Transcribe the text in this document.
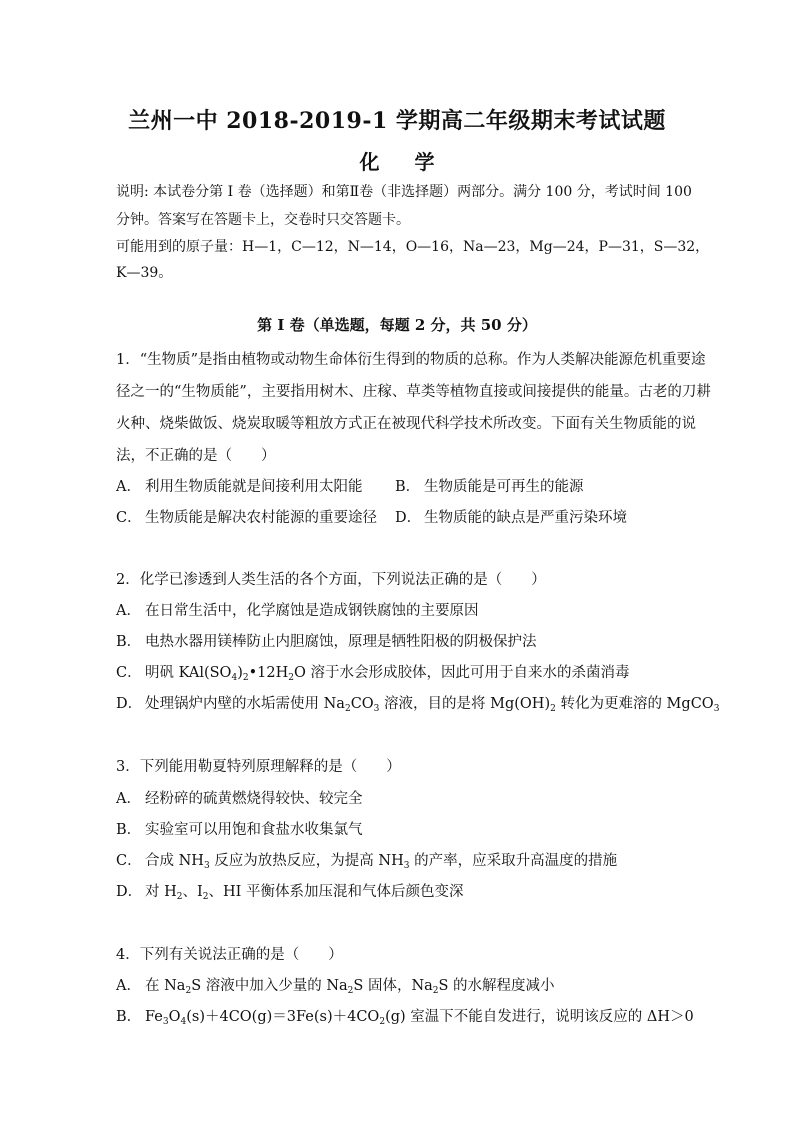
兰州一中 2018-2019-1 学期高二年级期末考试试题
化 学
说明: 本试卷分第 I 卷（选择题）和第Ⅱ卷（非选择题）两部分。满分 100 分，考试时间 100
分钟。答案写在答题卡上，交卷时只交答题卡。
可能用到的原子量：H—1，C—12，N—14，O—16，Na—23，Mg—24，P—31，S—32，
K—39。
第 I 卷（单选题，每题 2 分，共 50 分）
1．“生物质”是指由植物或动物生命体衍生得到的物质的总称。作为人类解决能源危机重要途
径之一的“生物质能”，主要指用树木、庄稼、草类等植物直接或间接提供的能量。古老的刀耕
火种、烧柴做饭、烧炭取暖等粗放方式正在被现代科学技术所改变。下面有关生物质能的说
法，不正确的是（　　）
A． 利用生物质能就是间接利用太阳能 B． 生物质能是可再生的能源
C． 生物质能是解决农村能源的重要途径 D． 生物质能的缺点是严重污染环境
2．化学已渗透到人类生活的各个方面，下列说法正确的是（　　）
A． 在日常生活中，化学腐蚀是造成钢铁腐蚀的主要原因
B． 电热水器用镁棒防止内胆腐蚀，原理是牺牲阳极的阴极保护法
C． 明矾 $KAl(SO_4)_2•12H_2O$ 溶于水会形成胶体，因此可用于自来水的杀菌消毒
D． 处理锅炉内壁的水垢需使用 $Na_2CO_3$ 溶液，目的是将 $Mg(OH)_2$ 转化为更难溶的 MgCO$_3$
3．下列能用勒夏特列原理解释的是（　　）
A． 经粉碎的硫黄燃烧得较快、较完全
B． 实验室可以用饱和食盐水收集氯气
C． 合成 $NH_3$ 反应为放热反应，为提高 $NH_3$ 的产率，应采取升高温度的措施
D． 对 $H_2$、$I_2$、HI 平衡体系加压混和气体后颜色变深
4．下列有关说法正确的是（　　）
A． 在 $Na_2S$ 溶液中加入少量的 $Na_2S$ 固体，$Na_2S$ 的水解程度减小
B． $Fe_3O_4(s)+4CO(g)=3Fe(s)+4CO_2(g)$ 室温下不能自发进行，说明该反应的 ΔH＞0
